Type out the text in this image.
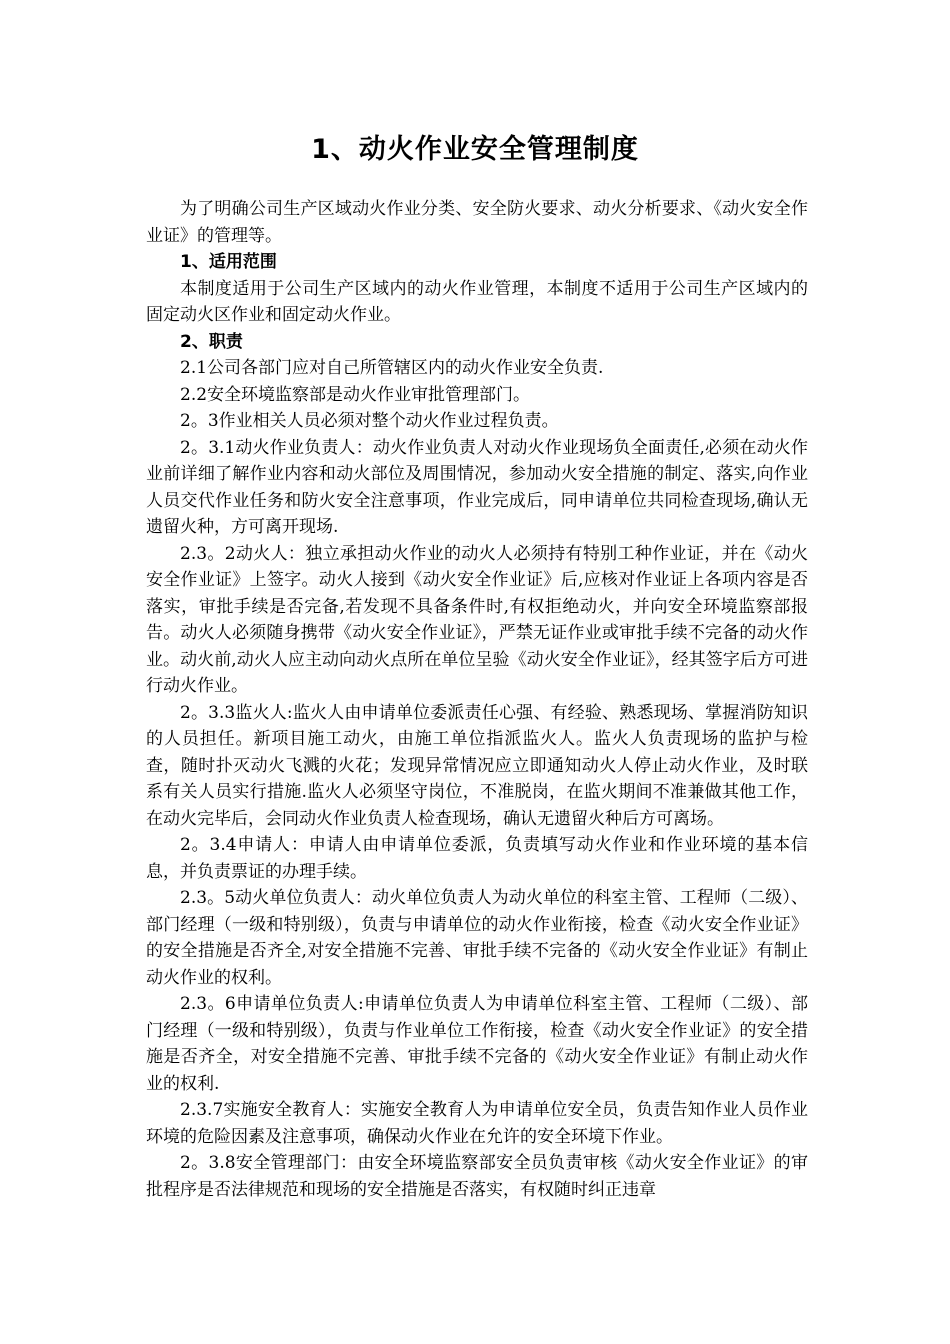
1、动火作业安全管理制度

为了明确公司生产区域动火作业分类、安全防火要求、动火分析要求、《动火安全作业证》的管理等。

1、适用范围

本制度适用于公司生产区域内的动火作业管理，本制度不适用于公司生产区域内的固定动火区作业和固定动火作业。

2、职责

2.1公司各部门应对自己所管辖区内的动火作业安全负责.

2.2安全环境监察部是动火作业审批管理部门。

2。3作业相关人员必须对整个动火作业过程负责。

2。3.1动火作业负责人：动火作业负责人对动火作业现场负全面责任,必须在动火作业前详细了解作业内容和动火部位及周围情况，参加动火安全措施的制定、落实,向作业人员交代作业任务和防火安全注意事项，作业完成后，同申请单位共同检查现场,确认无遗留火种，方可离开现场.

2.3。2动火人：独立承担动火作业的动火人必须持有特别工种作业证，并在《动火安全作业证》上签字。动火人接到《动火安全作业证》后,应核对作业证上各项内容是否落实，审批手续是否完备,若发现不具备条件时,有权拒绝动火，并向安全环境监察部报告。动火人必须随身携带《动火安全作业证》，严禁无证作业或审批手续不完备的动火作业。动火前,动火人应主动向动火点所在单位呈验《动火安全作业证》，经其签字后方可进行动火作业。

2。3.3监火人:监火人由申请单位委派责任心强、有经验、熟悉现场、掌握消防知识的人员担任。新项目施工动火，由施工单位指派监火人。监火人负责现场的监护与检查，随时扑灭动火飞溅的火花；发现异常情况应立即通知动火人停止动火作业，及时联系有关人员实行措施.监火人必须坚守岗位，不准脱岗，在监火期间不准兼做其他工作，在动火完毕后，会同动火作业负责人检查现场，确认无遗留火种后方可离场。

2。3.4申请人：申请人由申请单位委派，负责填写动火作业和作业环境的基本信息，并负责票证的办理手续。

2.3。5动火单位负责人：动火单位负责人为动火单位的科室主管、工程师（二级）、部门经理（一级和特别级），负责与申请单位的动火作业衔接，检查《动火安全作业证》的安全措施是否齐全,对安全措施不完善、审批手续不完备的《动火安全作业证》有制止动火作业的权利。

2.3。6申请单位负责人:申请单位负责人为申请单位科室主管、工程师（二级）、部门经理（一级和特别级），负责与作业单位工作衔接，检查《动火安全作业证》的安全措施是否齐全，对安全措施不完善、审批手续不完备的《动火安全作业证》有制止动火作业的权利.

2.3.7实施安全教育人：实施安全教育人为申请单位安全员，负责告知作业人员作业环境的危险因素及注意事项，确保动火作业在允许的安全环境下作业。

2。3.8安全管理部门：由安全环境监察部安全员负责审核《动火安全作业证》的审批程序是否法律规范和现场的安全措施是否落实，有权随时纠正违章
